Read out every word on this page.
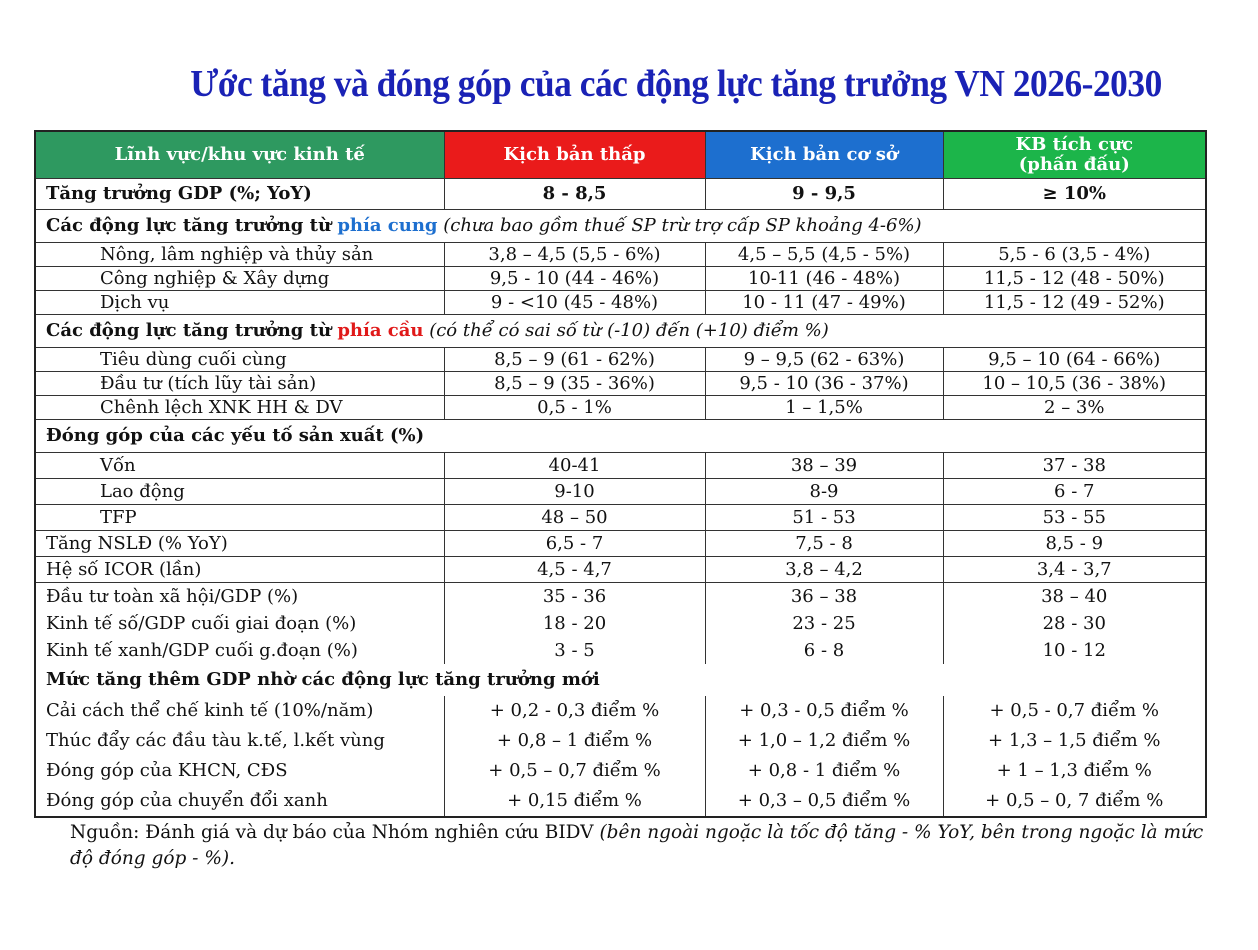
Ước tăng và đóng góp của các động lực tăng trưởng VN 2026-2030
Lĩnh vực/khu vực kinh tế	Kịch bản thấp	Kịch bản cơ sở	KB tích cực
(phấn đấu)

Tăng trưởng GDP (%; YoY)	8 - 8,5	9 - 9,5	≥ 10%
Các động lực tăng trưởng từ phía cung (chưa bao gồm thuế SP trừ trợ cấp SP khoảng 4-6%)			
Nông, lâm nghiệp và thủy sản	3,8 – 4,5 (5,5 - 6%)	4,5 – 5,5 (4,5 - 5%)	5,5 - 6 (3,5 - 4%)
Công nghiệp & Xây dựng	9,5 - 10 (44 - 46%)	10-11 (46 - 48%)	11,5 - 12 (48 - 50%)
Dịch vụ	9 - <10 (45 - 48%)	10 - 11 (47 - 49%)	11,5 - 12 (49 - 52%)
Các động lực tăng trưởng từ phía cầu (có thể có sai số từ (-10) đến (+10) điểm %)			
Tiêu dùng cuối cùng	8,5 – 9 (61 - 62%)	9 – 9,5 (62 - 63%)	9,5 – 10 (64 - 66%)
Đầu tư (tích lũy tài sản)	8,5 – 9 (35 - 36%)	9,5 - 10 (36 - 37%)	10 – 10,5 (36 - 38%)
Chênh lệch XNK HH & DV	0,5 - 1%	1 – 1,5%	2 – 3%
Đóng góp của các yếu tố sản xuất (%)			
Vốn	40-41	38 – 39	37 - 38
Lao động	9-10	8-9	6 - 7
TFP	48 – 50	51 - 53	53 - 55
Tăng NSLĐ (% YoY)	6,5 - 7	7,5 - 8	8,5 - 9
Hệ số ICOR (lần)	4,5 - 4,7	3,8 – 4,2	3,4 - 3,7
Đầu tư toàn xã hội/GDP (%)	35 - 36	36 – 38	38 – 40
Kinh tế số/GDP cuối giai đoạn (%)	18 - 20	23 - 25	28 - 30
Kinh tế xanh/GDP cuối g.đoạn (%)	3 - 5	6 - 8	10 - 12
Mức tăng thêm GDP nhờ các động lực tăng trưởng mới			
Cải cách thể chế kinh tế (10%/năm)	+ 0,2 - 0,3 điểm %	+ 0,3 - 0,5 điểm %	+ 0,5 - 0,7 điểm %
Thúc đẩy các đầu tàu k.tế, l.kết vùng	+ 0,8 – 1 điểm %	+ 1,0 – 1,2 điểm %	+ 1,3 – 1,5 điểm %
Đóng góp của KHCN, CĐS	+ 0,5 – 0,7 điểm %	+ 0,8 - 1 điểm %	+ 1 – 1,3 điểm %
Đóng góp của chuyển đổi xanh	+ 0,15 điểm %	+ 0,3 – 0,5 điểm %	+ 0,5 – 0, 7 điểm %
Nguồn: Đánh giá và dự báo của Nhóm nghiên cứu BIDV (bên ngoài ngoặc là tốc độ tăng - % YoY, bên trong ngoặc là mức độ đóng góp - %).
